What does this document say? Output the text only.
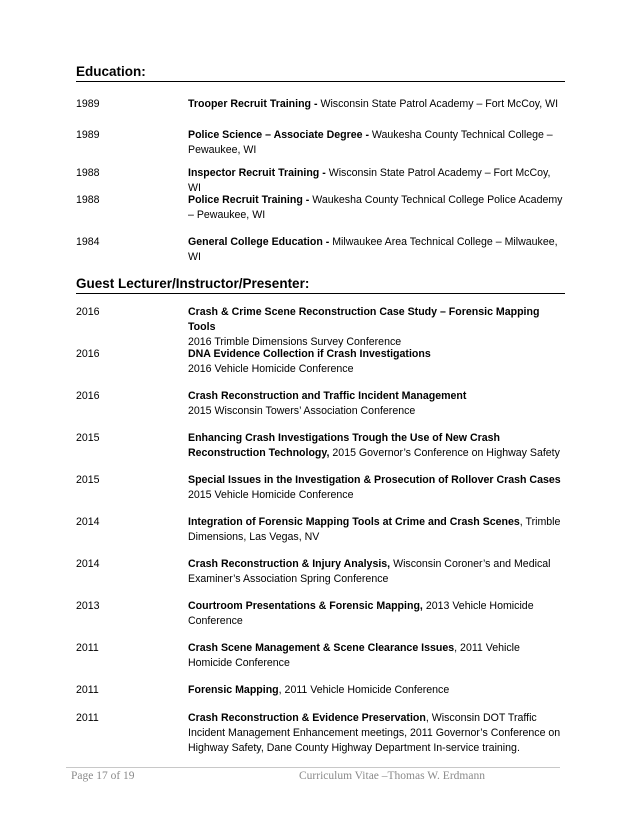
Education:
1989	Trooper Recruit Training - Wisconsin State Patrol Academy – Fort McCoy, WI
1989	Police Science – Associate Degree - Waukesha County Technical College – Pewaukee, WI
1988	Inspector Recruit Training - Wisconsin State Patrol Academy – Fort McCoy, WI
1988	Police Recruit Training - Waukesha County Technical College Police Academy – Pewaukee, WI
1984	General College Education - Milwaukee Area Technical College – Milwaukee, WI
Guest Lecturer/Instructor/Presenter:
2016	Crash & Crime Scene Reconstruction Case Study – Forensic Mapping Tools
2016 Trimble Dimensions Survey Conference
2016	DNA Evidence Collection if Crash Investigations
2016 Vehicle Homicide Conference
2016	Crash Reconstruction and Traffic Incident Management
2015 Wisconsin Towers’ Association Conference
2015	Enhancing Crash Investigations Trough the Use of New Crash Reconstruction Technology, 2015 Governor’s Conference on Highway Safety
2015	Special Issues in the Investigation & Prosecution of Rollover Crash Cases
2015 Vehicle Homicide Conference
2014	Integration of Forensic Mapping Tools at Crime and Crash Scenes, Trimble Dimensions, Las Vegas, NV
2014	Crash Reconstruction & Injury Analysis, Wisconsin Coroner’s and Medical Examiner’s Association Spring Conference
2013	Courtroom Presentations & Forensic Mapping, 2013 Vehicle Homicide Conference
2011	Crash Scene Management & Scene Clearance Issues, 2011 Vehicle Homicide Conference
2011	Forensic Mapping, 2011 Vehicle Homicide Conference
2011	Crash Reconstruction & Evidence Preservation, Wisconsin DOT Traffic Incident Management Enhancement meetings, 2011 Governor’s Conference on Highway Safety, Dane County Highway Department In-service training.
Page 17 of 19	Curriculum Vitae –Thomas W. Erdmann
